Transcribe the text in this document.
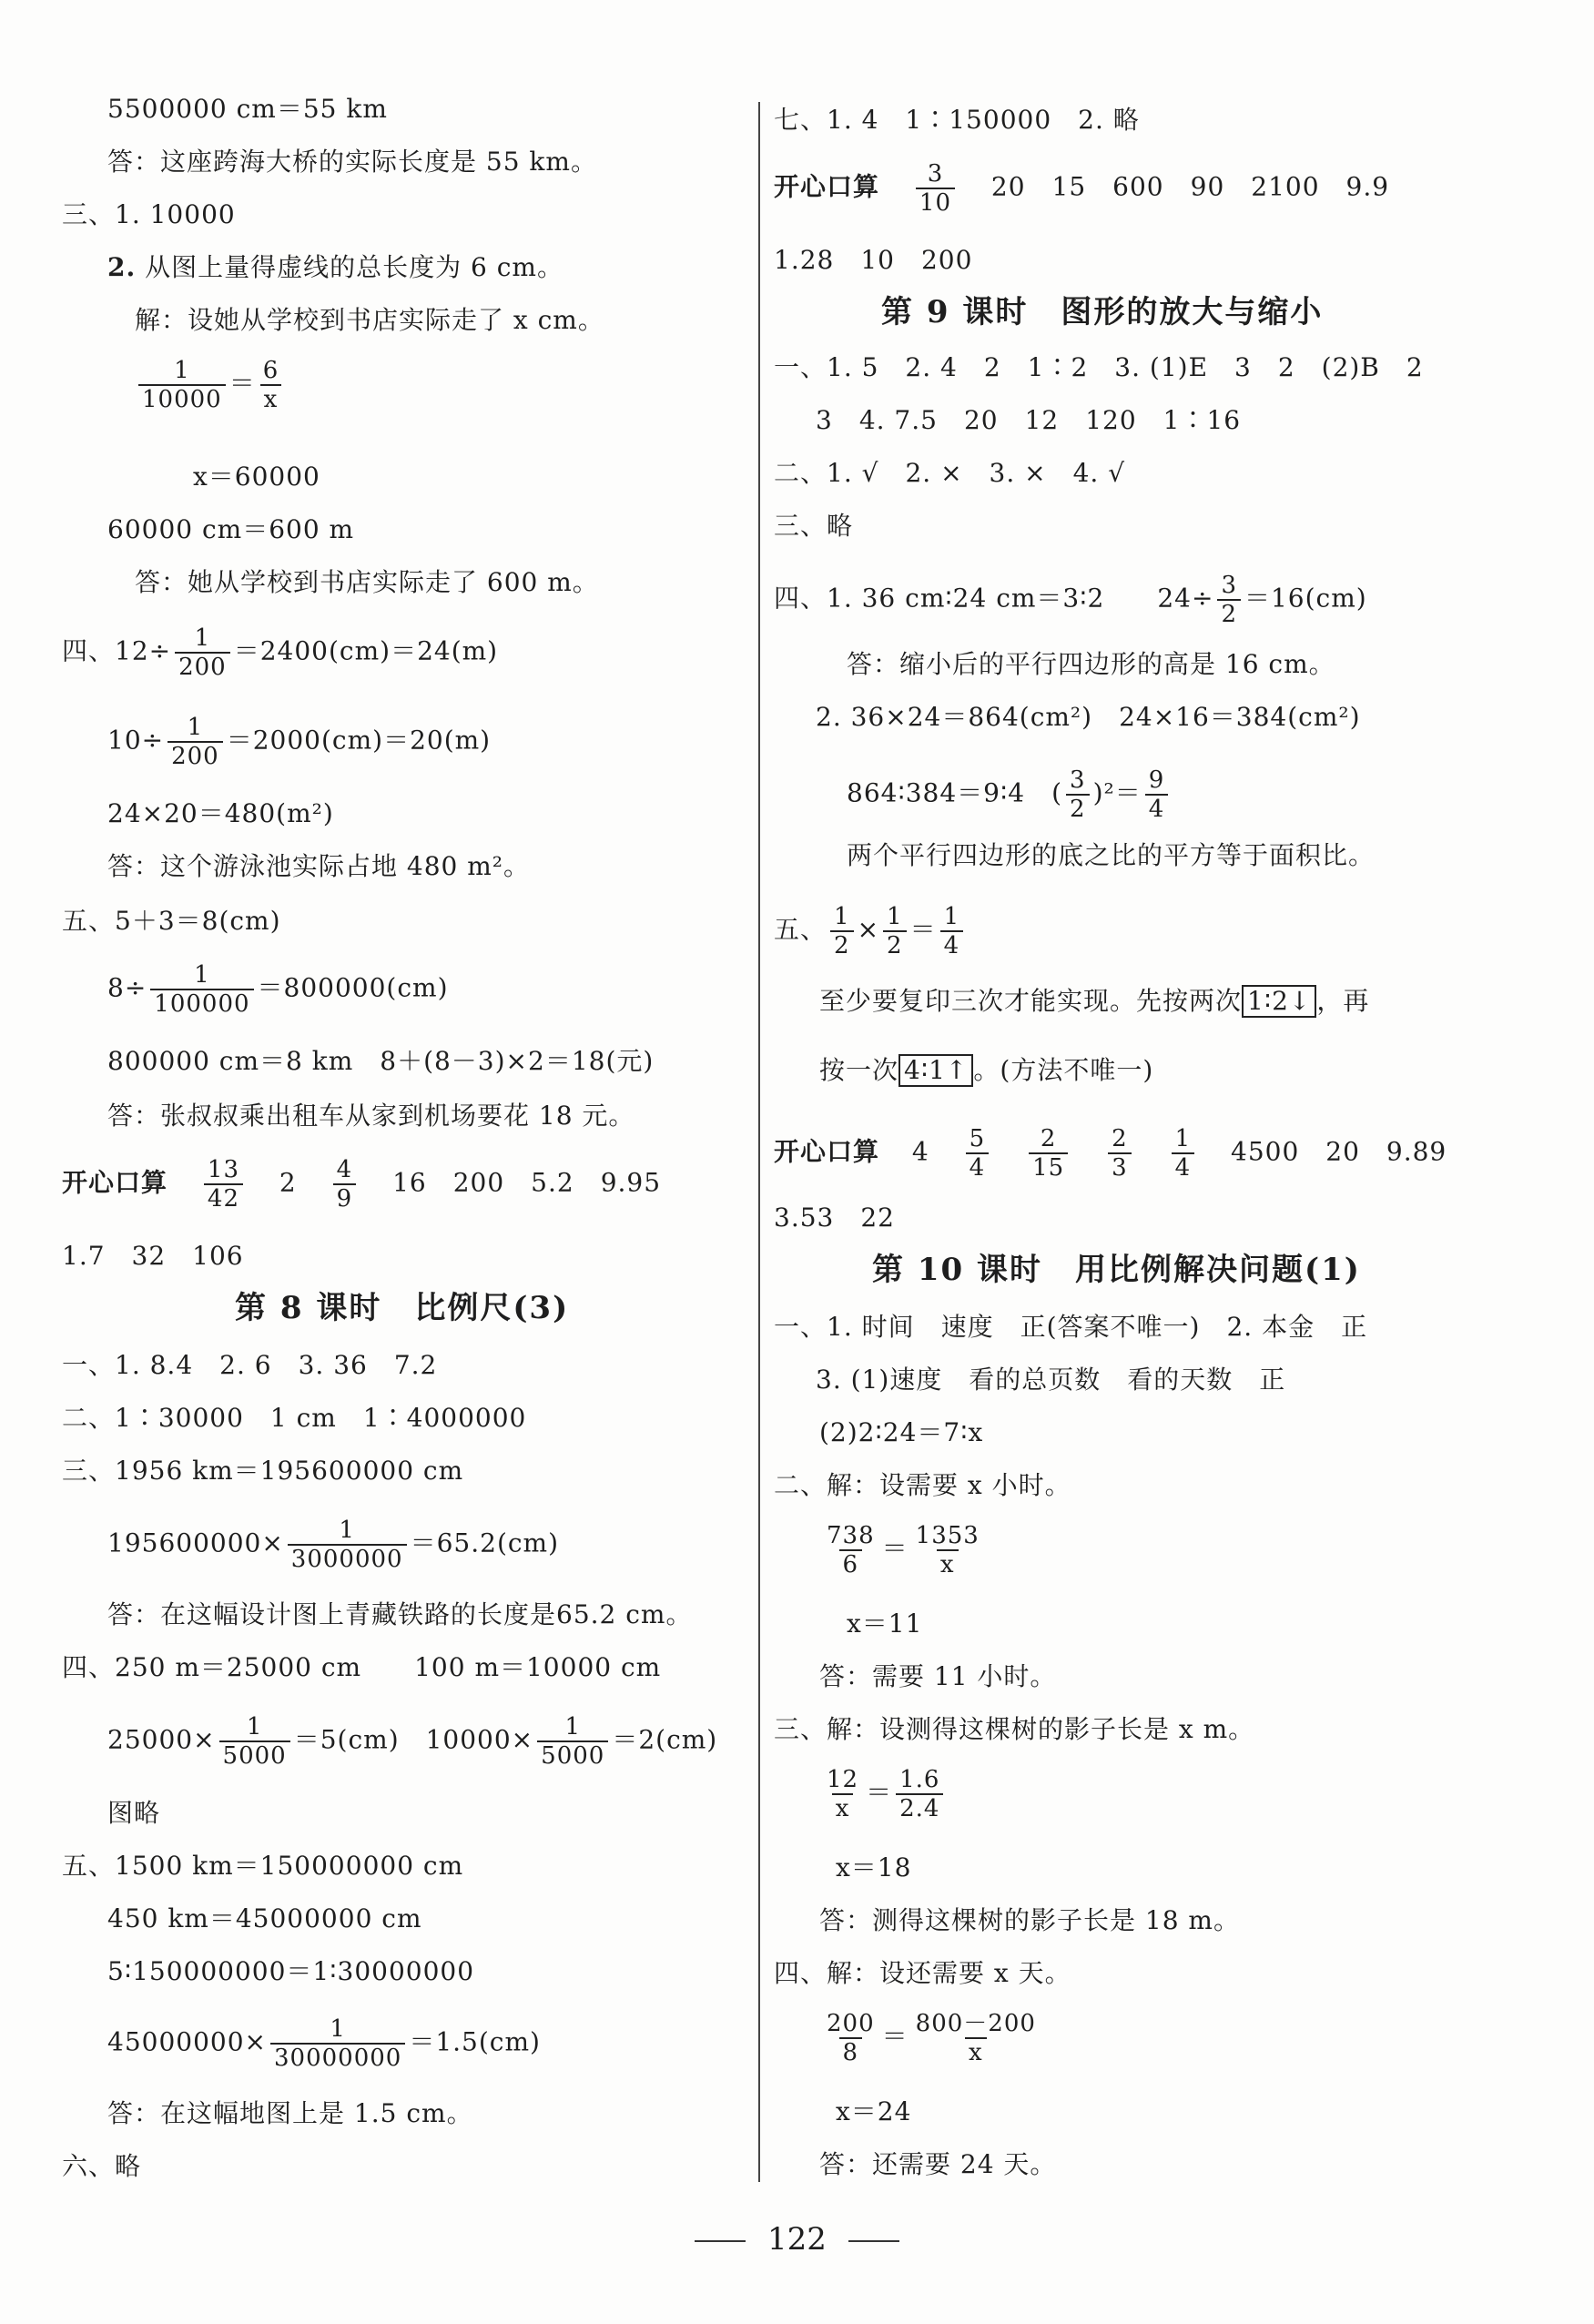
5500000 cm＝55 km
答：这座跨海大桥的实际长度是 55 km。
三、1. 10000
2. 从图上量得虚线的总长度为 6 cm。
解：设她从学校到书店实际走了 x cm。
$\frac{1}{10000} = \frac{6}{x}$
x＝60000
60000 cm＝600 m
答：她从学校到书店实际走了 600 m。
四、$12\div \frac{1}{200} =2400(cm)=24(m)$
$10\div \frac{1}{200} =2000(cm)=20(m)$
24×20＝480(m²)
答：这个游泳池实际占地 480 m²。
五、5＋3＝8(cm)
$8\div \frac{1}{100000} =800000(cm)$
800000 cm＝8 km　8＋(8－3)×2＝18(元)
答：张叔叔乘出租车从家到机场要花 18 元。
开心口算 $\frac{13}{42} 2 \frac{4}{9} 16$　200　5.2　9.95
1.7　32　106
第 8 课时　比例尺(3)
一、1. 8.4　2. 6　3. 36　7.2
二、1∶30000　1 cm　1∶4000000
三、1956 km＝195600000 cm
$195600000\times \frac{1}{3000000} =65.2(cm)$
答：在这幅设计图上青藏铁路的长度是65.2 cm。
四、250 m＝25000 cm　　100 m＝10000 cm
$25000\times \frac{1}{5000} =5(cm)$　$10000\times \frac{1}{5000} =2(cm)$
图略
五、1500 km＝150000000 cm
450 km＝45000000 cm
5∶150000000＝1∶30000000
$45000000\times \frac{1}{30000000} =1.5(cm)$
答：在这幅地图上是 1.5 cm。
六、略
七、1. 4　1∶150000　2. 略
开心口算 $\frac{3}{10} 20$　15　600　90　2100　9.9
1.28　10　200
第 9 课时　图形的放大与缩小
一、1. 5　2. 4　2　1∶2　3. (1)E　3　2　(2)B　2
3　4. 7.5　20　12　120　1∶16
二、1. √　2. ×　3. ×　4. √
三、略
四、1. 36 cm∶24 cm＝3∶2　　$24\div \frac{3}{2} =16(cm)$
答：缩小后的平行四边形的高是 16 cm。
2. 36×24＝864(cm²)　24×16＝384(cm²)
864∶384＝9∶4　( $\frac{3}{2} )^2= \frac{9}{4}$
两个平行四边形的底之比的平方等于面积比。
五、 $\frac{1}{2} \times \frac{1}{2} = \frac{1}{4}$
至少要复印三次才能实现。先按两次 1∶2↓ ，再
按一次 4∶1↑ 。(方法不唯一)
开心口算 $4 \frac{5}{4}$
$\frac{2}{15}$
$\frac{2}{3}$
$\frac{1}{4} 4500$　20　9.89
3.53　22
第 10 课时　用比例解决问题(1)
一、1. 时间　速度　正(答案不唯一)　2. 本金　正
3. (1)速度　看的总页数　看的天数　正
(2)2∶24＝7∶x
二、解：设需要 x 小时。
$\frac{738}{6} = \frac{1353}{x}$
x＝11
答：需要 11 小时。
三、解：设测得这棵树的影子长是 x m。
$\frac{12}{x} = \frac{1.6}{2.4}$
x＝18
答：测得这棵树的影子长是 18 m。
四、解：设还需要 x 天。
$\frac{200}{8} = \frac{800-200}{x}$
x＝24
答：还需要 24 天。
122
